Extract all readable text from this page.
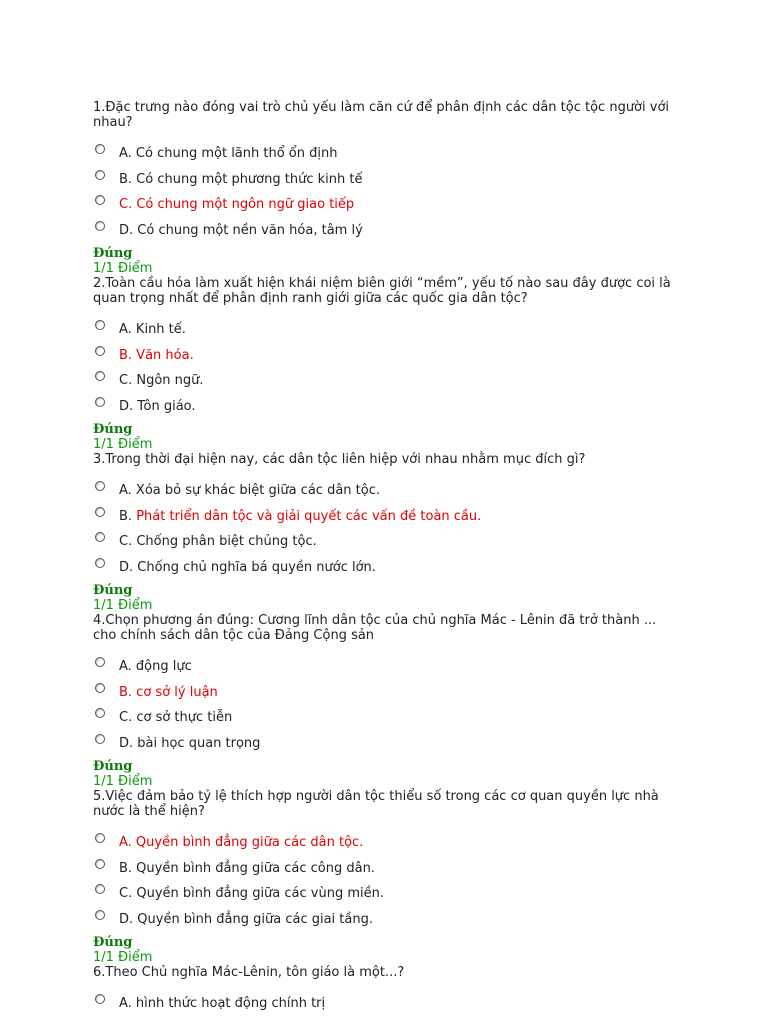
1.Đặc trưng nào đóng vai trò chủ yếu làm căn cứ để phân định các dân tộc tộc người với nhau?

A. Có chung một lãnh thổ ổn định
B. Có chung một phương thức kinh tế
C. Có chung một ngôn ngữ giao tiếp
D. Có chung một nền văn hóa, tâm lý
Đúng
1/1 Điểm

2.Toàn cầu hóa làm xuất hiện khái niệm biên giới “mềm”, yếu tố nào sau đây được coi là quan trọng nhất để phân định ranh giới giữa các quốc gia dân tộc?

A. Kinh tế.
B. Văn hóa.
C. Ngôn ngữ.
D. Tôn giáo.
Đúng
1/1 Điểm

3.Trong thời đại hiện nay, các dân tộc liên hiệp với nhau nhằm mục đích gì?

A. Xóa bỏ sự khác biệt giữa các dân tộc.
B. Phát triển dân tộc và giải quyết các vấn đề toàn cầu.
C. Chống phân biệt chủng tộc.
D. Chống chủ nghĩa bá quyền nước lớn.
Đúng
1/1 Điểm

4.Chọn phương án đúng: Cương lĩnh dân tộc của chủ nghĩa Mác - Lênin đã trở thành ... cho chính sách dân tộc của Đảng Cộng sản

A. động lực
B. cơ sở lý luận
C. cơ sở thực tiễn
D. bài học quan trọng
Đúng
1/1 Điểm

5.Việc đảm bảo tỷ lệ thích hợp người dân tộc thiểu số trong các cơ quan quyền lực nhà nước là thể hiện?

A. Quyền bình đẳng giữa các dân tộc.
B. Quyền bình đẳng giữa các công dân.
C. Quyền bình đẳng giữa các vùng miền.
D. Quyền bình đẳng giữa các giai tầng.
Đúng
1/1 Điểm

6.Theo Chủ nghĩa Mác-Lênin, tôn giáo là một...?

A. hình thức hoạt động chính trị
